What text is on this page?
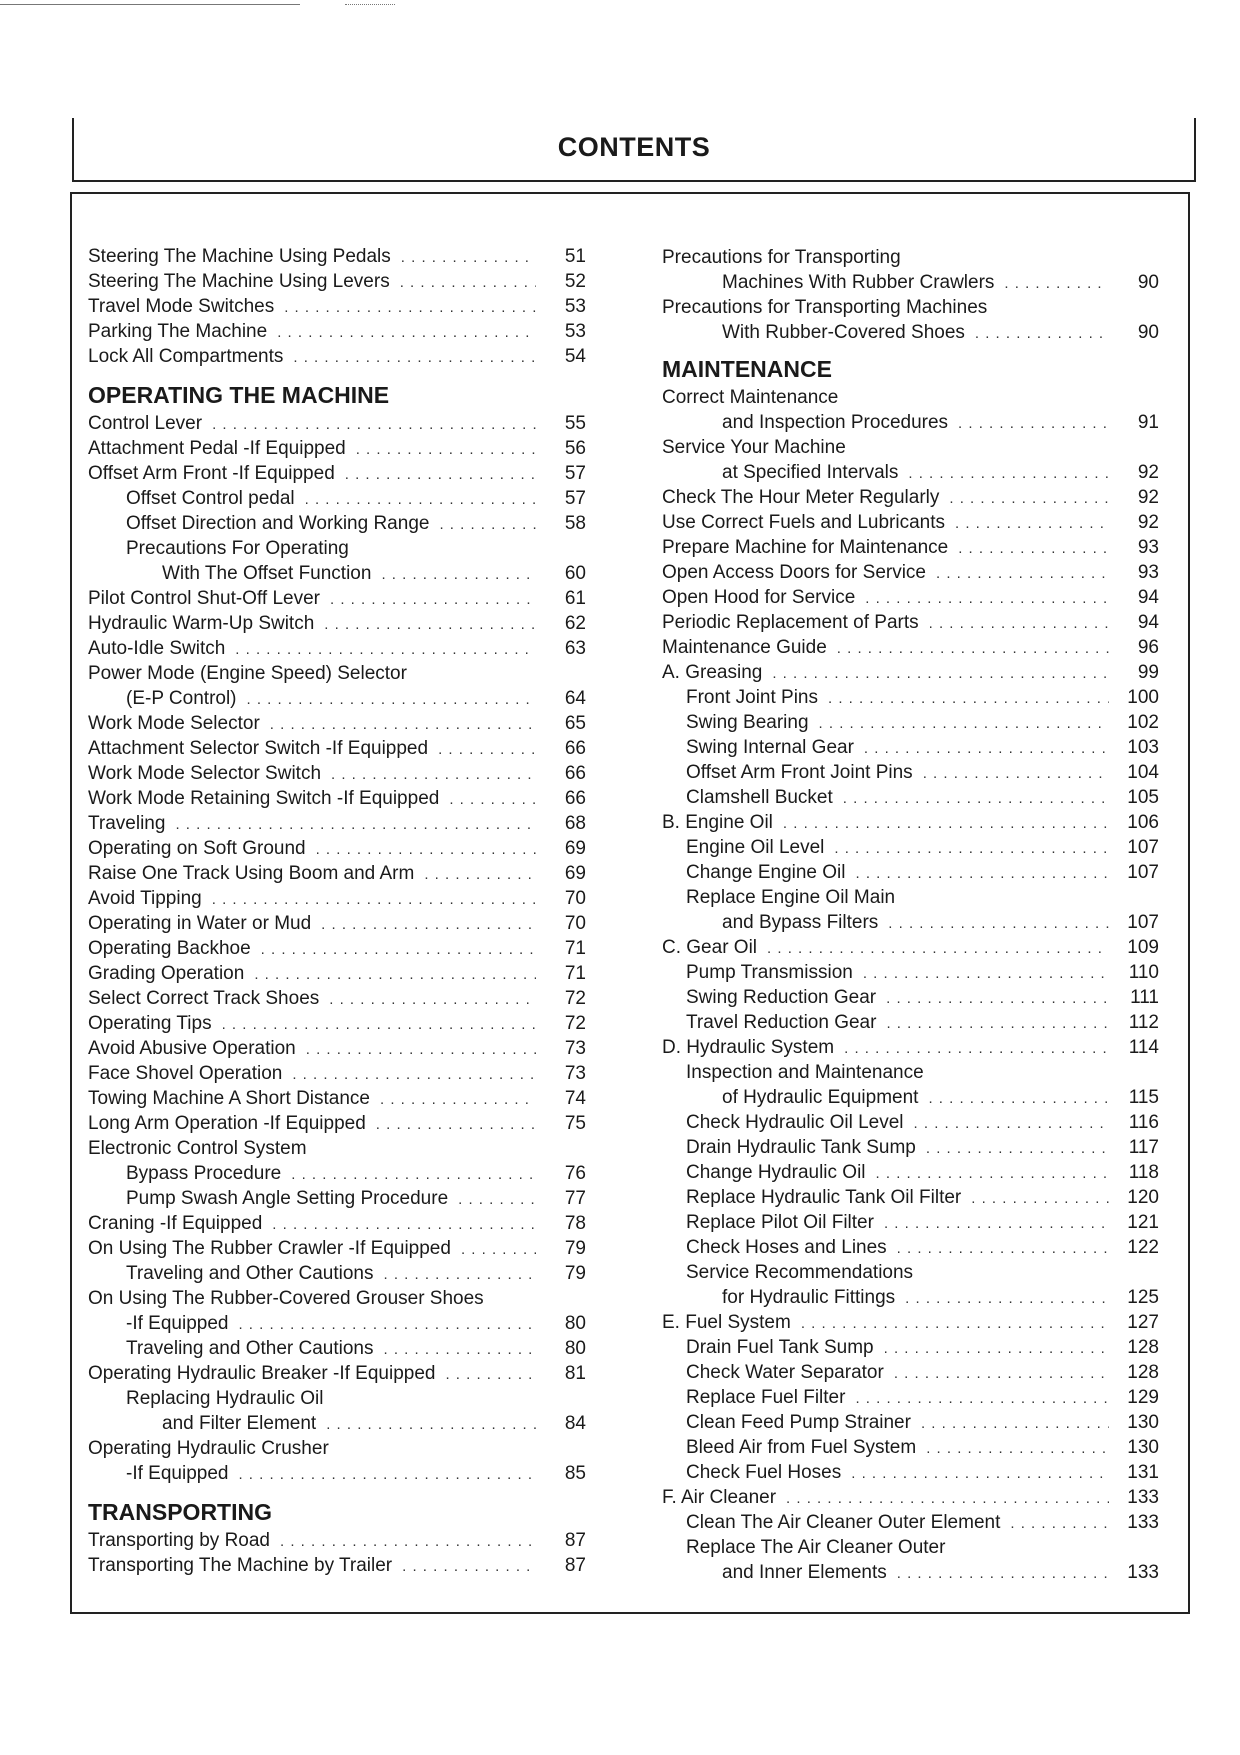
CONTENTS
Steering The Machine Using Pedals . . .	51
Steering The Machine Using Levers . . .	52
Travel Mode Switches . . .	53
Parking The Machine . . .	53
Lock All Compartments . . .	54
OPERATING THE MACHINE
Control Lever . . .	55
Attachment Pedal -If Equipped . . .	56
Offset Arm Front -If Equipped . . .	57
Offset Control pedal . . .	57
Offset Direction and Working Range . . .	58
Precautions For Operating
With The Offset Function . . .	60
Pilot Control Shut-Off Lever . . .	61
Hydraulic Warm-Up Switch . . .	62
Auto-Idle Switch . . .	63
Power Mode (Engine Speed) Selector
(E-P Control) . . .	64
Work Mode Selector . . .	65
Attachment Selector Switch -If Equipped . . .	66
Work Mode Selector Switch . . .	66
Work Mode Retaining Switch -If Equipped . . .	66
Traveling . . .	68
Operating on Soft Ground . . .	69
Raise One Track Using Boom and Arm . . .	69
Avoid Tipping . . .	70
Operating in Water or Mud . . .	70
Operating Backhoe . . .	71
Grading Operation . . .	71
Select Correct Track Shoes . . .	72
Operating Tips . . .	72
Avoid Abusive Operation . . .	73
Face Shovel Operation . . .	73
Towing Machine A Short Distance . . .	74
Long Arm Operation -If Equipped . . .	75
Electronic Control System
Bypass Procedure . . .	76
Pump Swash Angle Setting Procedure . . .	77
Craning -If Equipped . . .	78
On Using The Rubber Crawler -If Equipped . . .	79
Traveling and Other Cautions . . .	79
On Using The Rubber-Covered Grouser Shoes
-If Equipped . . .	80
Traveling and Other Cautions . . .	80
Operating Hydraulic Breaker -If Equipped . . .	81
Replacing Hydraulic Oil
and Filter Element . . .	84
Operating Hydraulic Crusher
-If Equipped . . .	85
TRANSPORTING
Transporting by Road . . .	87
Transporting The Machine by Trailer . . .	87
Precautions for Transporting
Machines With Rubber Crawlers . . .	90
Precautions for Transporting Machines
With Rubber-Covered Shoes . . .	90
MAINTENANCE
Correct Maintenance
and Inspection Procedures . . .	91
Service Your Machine
at Specified Intervals . . .	92
Check The Hour Meter Regularly . . .	92
Use Correct Fuels and Lubricants . . .	92
Prepare Machine for Maintenance . . .	93
Open Access Doors for Service . . .	93
Open Hood for Service . . .	94
Periodic Replacement of Parts . . .	94
Maintenance Guide . . .	96
A. Greasing . . .	99
Front Joint Pins . . .	100
Swing Bearing . . .	102
Swing Internal Gear . . .	103
Offset Arm Front Joint Pins . . .	104
Clamshell Bucket . . .	105
B. Engine Oil . . .	106
Engine Oil Level . . .	107
Change Engine Oil . . .	107
Replace Engine Oil Main
and Bypass Filters . . .	107
C. Gear Oil . . .	109
Pump Transmission . . .	110
Swing Reduction Gear . . .	111
Travel Reduction Gear . . .	112
D. Hydraulic System . . .	114
Inspection and Maintenance
of Hydraulic Equipment . . .	115
Check Hydraulic Oil Level . . .	116
Drain Hydraulic Tank Sump . . .	117
Change Hydraulic Oil . . .	118
Replace Hydraulic Tank Oil Filter . . .	120
Replace Pilot Oil Filter . . .	121
Check Hoses and Lines . . .	122
Service Recommendations
for Hydraulic Fittings . . .	125
E. Fuel System . . .	127
Drain Fuel Tank Sump . . .	128
Check Water Separator . . .	128
Replace Fuel Filter . . .	129
Clean Feed Pump Strainer . . .	130
Bleed Air from Fuel System . . .	130
Check Fuel Hoses . . .	131
F. Air Cleaner . . .	133
Clean The Air Cleaner Outer Element . . .	133
Replace The Air Cleaner Outer
and Inner Elements . . .	133
